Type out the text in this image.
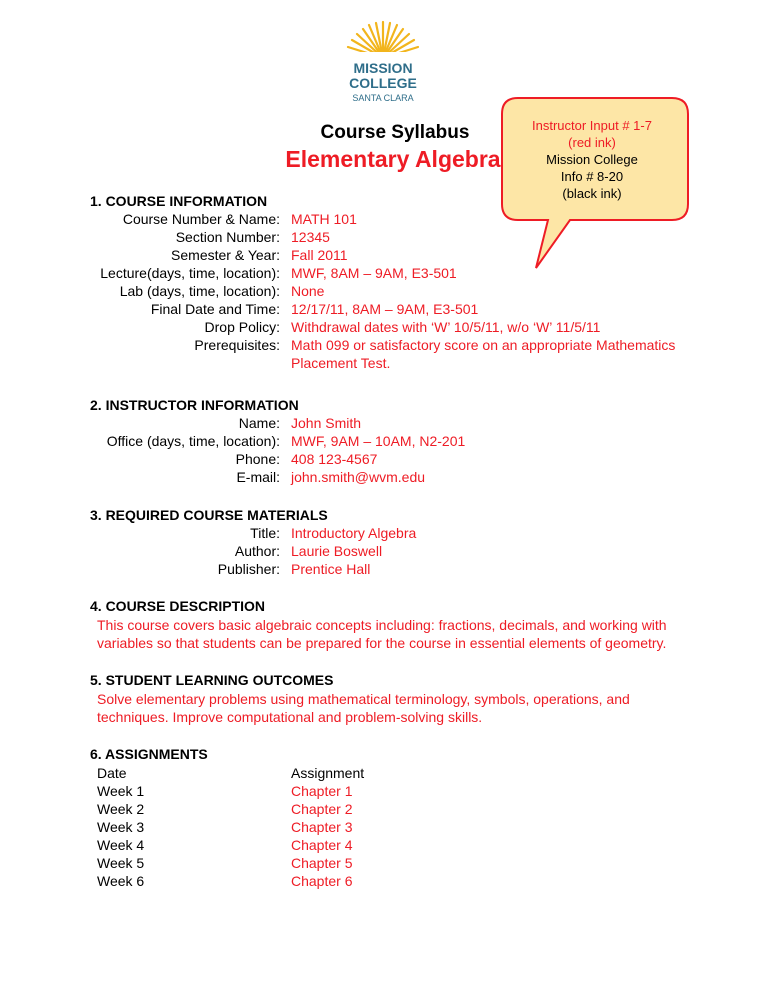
MISSION
COLLEGE
SANTA CLARA
Course Syllabus
Elementary Algebra
Instructor Input # 1-7
(red ink)
Mission College
Info # 8-20
(black ink)
1. COURSE INFORMATION
Course Number & Name: MATH 101
Section Number: 12345
Semester & Year: Fall 2011
Lecture(days, time, location): MWF, 8AM – 9AM, E3-501
Lab (days, time, location): None
Final Date and Time: 12/17/11, 8AM – 9AM, E3-501
Drop Policy: Withdrawal dates with ‘W’ 10/5/11, w/o ‘W’ 11/5/11
Prerequisites: Math 099 or satisfactory score on an appropriate Mathematics
Placement Test.
2. INSTRUCTOR INFORMATION
Name: John Smith
Office (days, time, location): MWF, 9AM – 10AM, N2-201
Phone: 408 123-4567
E-mail: john.smith@wvm.edu
3. REQUIRED COURSE MATERIALS
Title: Introductory Algebra
Author: Laurie Boswell
Publisher: Prentice Hall
4. COURSE DESCRIPTION
This course covers basic algebraic concepts including: fractions, decimals, and working with
variables so that students can be prepared for the course in essential elements of geometry.
5. STUDENT LEARNING OUTCOMES
Solve elementary problems using mathematical terminology, symbols, operations, and
techniques. Improve computational and problem-solving skills.
6. ASSIGNMENTS
Date	Assignment
Week 1	Chapter 1
Week 2	Chapter 2
Week 3	Chapter 3
Week 4	Chapter 4
Week 5	Chapter 5
Week 6	Chapter 6
